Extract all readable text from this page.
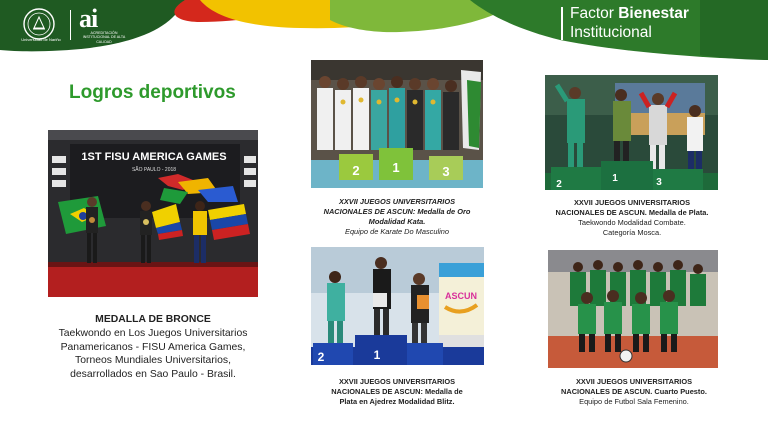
Universidad de Nariño
ai
ACREDITACIÓN INSTITUCIONAL DE ALTA CALIDAD
Factor Bienestar
Institucional
Logros deportivos
1ST FISU AMERICA GAMES
SÃO PAULO - 2018
MEDALLA DE BRONCE
Taekwondo en Los Juegos Universitarios
Panamericanos - FISU America Games,
Torneos Mundiales Universitarios,
desarrollados en Sao Paulo - Brasil.
2	1	3
XXVII JUEGOS UNIVERSITARIOS
NACIONALES DE ASCUN: Medalla de Oro
Modalidad Kata.
Equipo de Karate Do Masculino
2
1	3
XXVII JUEGOS UNIVERSITARIOS
NACIONALES DE ASCUN. Medalla de Plata.
Taekwondo Modalidad Combate.
Categoría Mosca.
ASCUN
2	1
XXVII JUEGOS UNIVERSITARIOS
NACIONALES DE ASCUN: Medalla de
Plata en Ajedrez Modalidad Blitz.
XXVII JUEGOS UNIVERSITARIOS
NACIONALES DE ASCUN. Cuarto Puesto.
Equipo de Futbol Sala Femenino.
